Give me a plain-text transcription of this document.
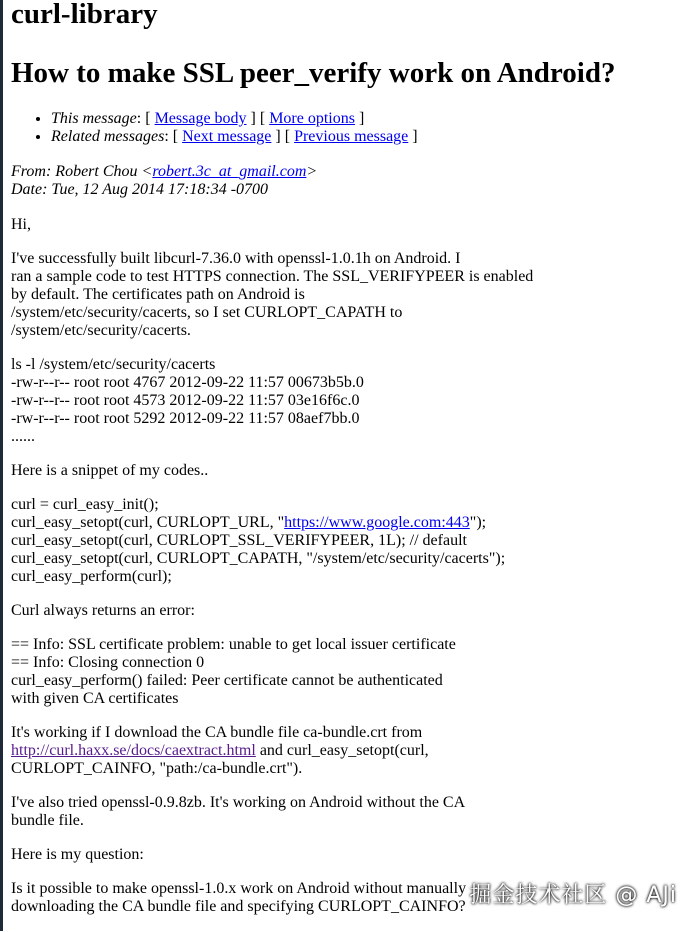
curl-library
How to make SSL peer_verify work on Android?
• This message: [ Message body ] [ More options ]
• Related messages: [ Next message ] [ Previous message ]
From: Robert Chou <robert.3c_at_gmail.com>
Date: Tue, 12 Aug 2014 17:18:34 -0700
Hi,
I've successfully built libcurl-7.36.0 with openssl-1.0.1h on Android. I
ran a sample code to test HTTPS connection. The SSL_VERIFYPEER is enabled
by default. The certificates path on Android is
/system/etc/security/cacerts, so I set CURLOPT_CAPATH to
/system/etc/security/cacerts.
ls -l /system/etc/security/cacerts
-rw-r--r-- root root 4767 2012-09-22 11:57 00673b5b.0
-rw-r--r-- root root 4573 2012-09-22 11:57 03e16f6c.0
-rw-r--r-- root root 5292 2012-09-22 11:57 08aef7bb.0
......
Here is a snippet of my codes..
curl = curl_easy_init();
curl_easy_setopt(curl, CURLOPT_URL, "https://www.google.com:443");
curl_easy_setopt(curl, CURLOPT_SSL_VERIFYPEER, 1L); // default
curl_easy_setopt(curl, CURLOPT_CAPATH, "/system/etc/security/cacerts");
curl_easy_perform(curl);
Curl always returns an error:
== Info: SSL certificate problem: unable to get local issuer certificate
== Info: Closing connection 0
curl_easy_perform() failed: Peer certificate cannot be authenticated
with given CA certificates
It's working if I download the CA bundle file ca-bundle.crt from
http://curl.haxx.se/docs/caextract.html and curl_easy_setopt(curl,
CURLOPT_CAINFO, "path:/ca-bundle.crt").
I've also tried openssl-0.9.8zb. It's working on Android without the CA
bundle file.
Here is my question:
Is it possible to make openssl-1.0.x work on Android without manually
downloading the CA bundle file and specifying CURLOPT_CAINFO? 掘金技术社区 @ AJi
